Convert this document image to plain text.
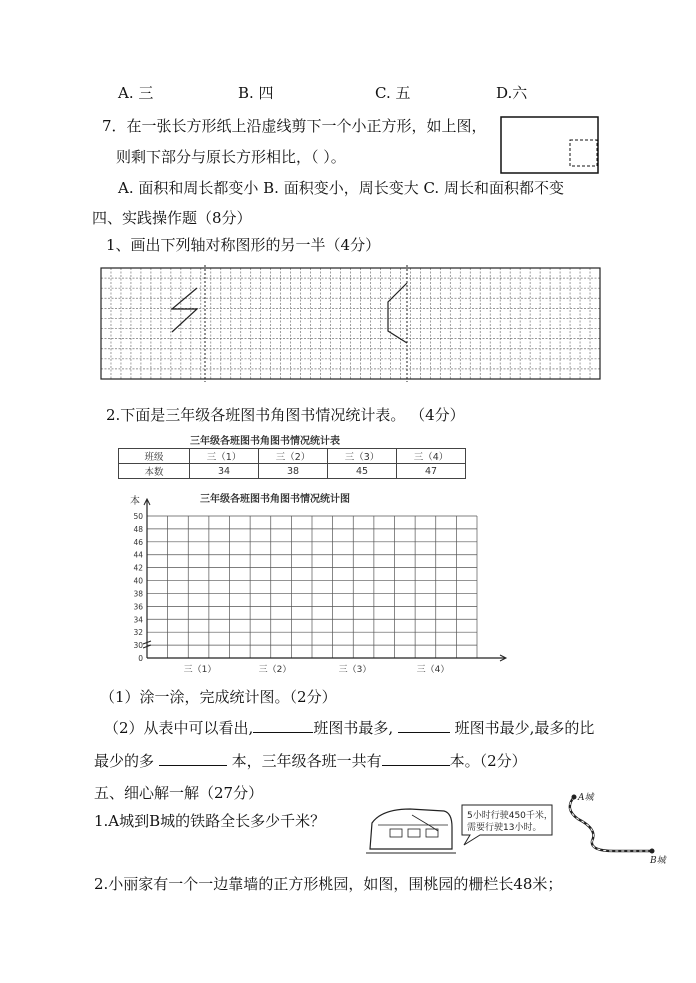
A. 三	B. 四	C. 五	D.六
7．在一张长方形纸上沿虚线剪下一个小正方形，如上图，
则剩下部分与原长方形相比，（ ）。
A. 面积和周长都变小 B. 面积变小，周长变大 C. 周长和面积都不变
四、实践操作题（8分）
1、画出下列轴对称图形的另一半（4分）
2.下面是三年级各班图书角图书情况统计表。 （4分）
三年级各班图书角图书情况统计表
班级	三（1）	三（2）	三（3）	三（4）
本数	34	38	45	47
本	三年级各班图书角图书情况统计图
0
30
32
34
36
38
40
42
44
46
48
50
三（1）	三（2）	三（3）	三（4）
（1）涂一涂，完成统计图。（2分）
（2）从表中可以看出,	班图书最多,	班图书最少,最多的比
最少的多	本，三年级各班一共有	本。（2分）
五、细心解一解（27分）
1.A城到B城的铁路全长多少千米？	5小时行驶450千米，
需要行驶13小时。
A城
B城
2.小丽家有一个一边靠墙的正方形桃园，如图，围桃园的栅栏长48米；
